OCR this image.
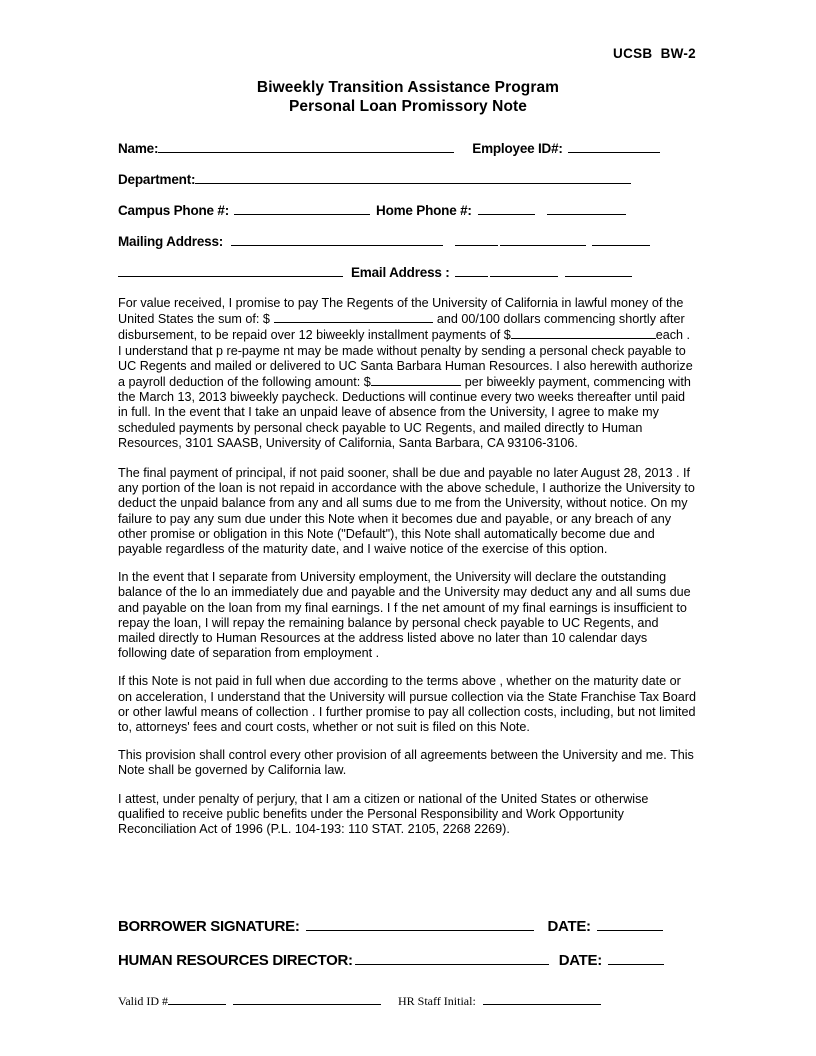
UCSB  BW-2
Biweekly Transition Assistance Program
Personal Loan Promissory Note
Name:	Employee ID#:
Department:
Campus Phone #:	Home Phone #:
Mailing Address:
Email Address :

For value received, I promise to pay The Regents of the University of California in lawful money of the United States the sum of: $	and 00/100 dollars commencing shortly after disbursement, to be repaid over 12 biweekly installment payments of $	each . I understand that p re-payme nt may be made without penalty by sending a personal check payable to UC Regents and mailed or delivered to UC Santa Barbara Human Resources. I also herewith authorize a payroll deduction of the following amount: $	per biweekly payment, commencing with the March 13, 2013 biweekly paycheck. Deductions will continue every two weeks thereafter until paid in full. In the event that I take an unpaid leave of absence from the University, I agree to make my scheduled payments by personal check payable to UC Regents, and mailed directly to Human Resources, 3101 SAASB, University of California, Santa Barbara, CA 93106-3106.

The final payment of principal, if not paid sooner, shall be due and payable no later August 28, 2013 . If any portion of the loan is not repaid in accordance with the above schedule, I authorize the University to deduct the unpaid balance from any and all sums due to me from the University, without notice. On my failure to pay any sum due under this Note when it becomes due and payable, or any breach of any other promise or obligation in this Note ("Default"), this Note shall automatically become due and payable regardless of the maturity date, and I waive notice of the exercise of this option.

In the event that I separate from University employment, the University will declare the outstanding balance of the lo an immediately due and payable and the University may deduct any and all sums due and payable on the loan from my final earnings. I f the net amount of my final earnings is insufficient to repay the loan, I will repay the remaining balance by personal check payable to UC Regents, and mailed directly to Human Resources at the address listed above no later than 10 calendar days following date of separation from employment .

If this Note is not paid in full when due according to the terms above , whether on the maturity date or on acceleration, I understand that the University will pursue collection via the State Franchise Tax Board or other lawful means of collection . I further promise to pay all collection costs, including, but not limited to, attorneys' fees and court costs, whether or not suit is filed on this Note.

This provision shall control every other provision of all agreements between the University and me. This Note shall be governed by California law.

I attest, under penalty of perjury, that I am a citizen or national of the United States or otherwise qualified to receive public benefits under the Personal Responsibility and Work Opportunity Reconciliation Act of 1996 (P.L. 104-193: 110 STAT. 2105, 2268 2269).

BORROWER SIGNATURE:	DATE:
HUMAN RESOURCES DIRECTOR:	DATE:
Valid ID #	HR Staff Initial:
